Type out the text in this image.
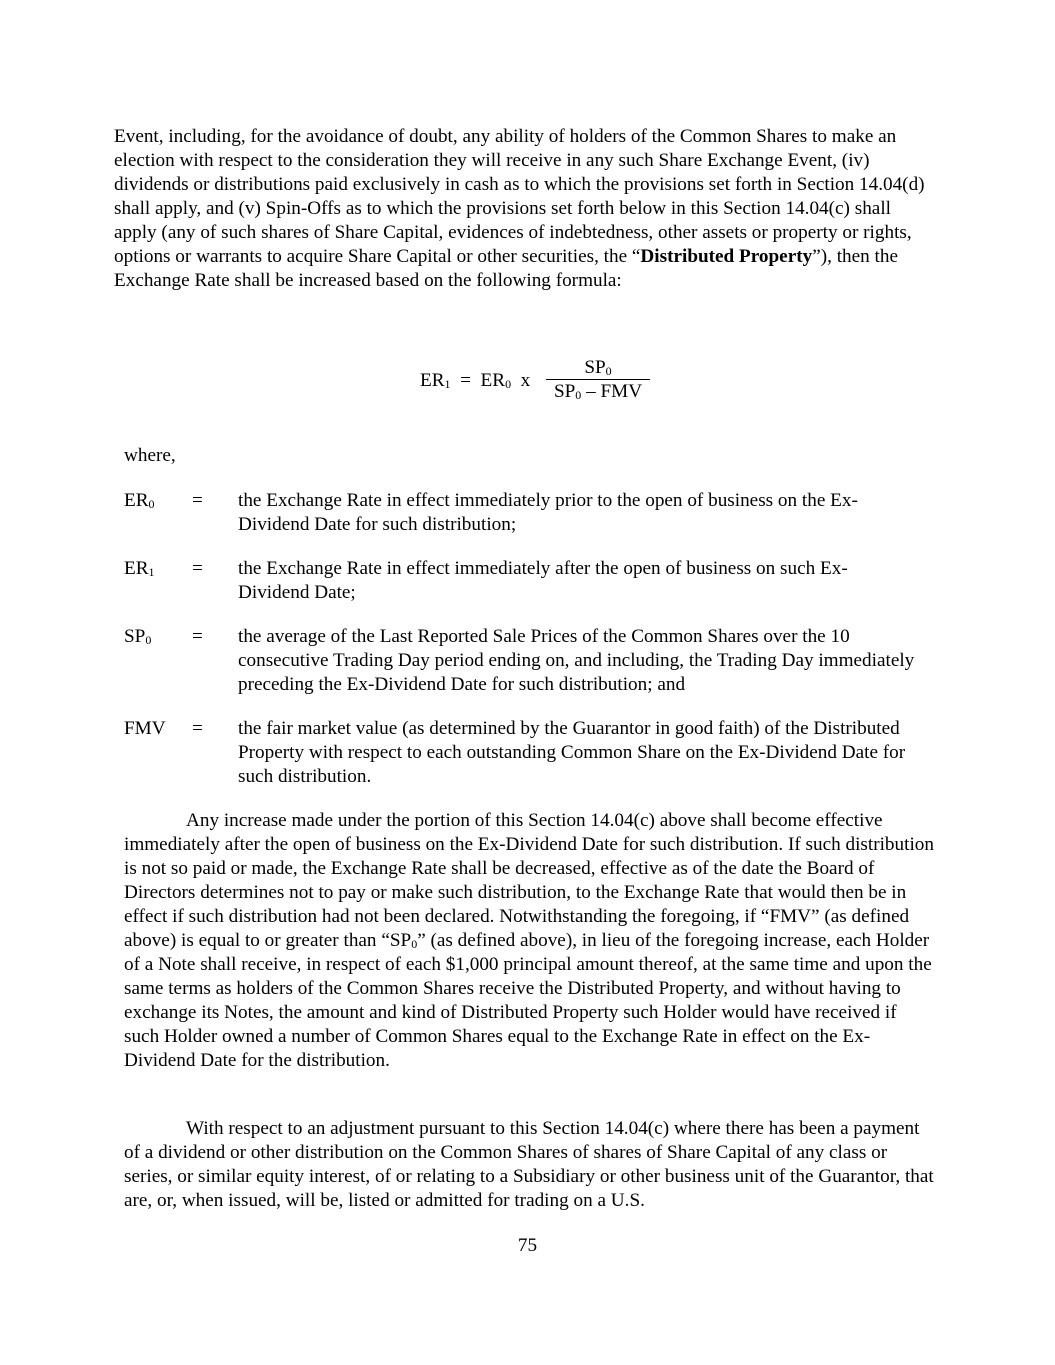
Event, including, for the avoidance of doubt, any ability of holders of the Common Shares to make an election with respect to the consideration they will receive in any such Share Exchange Event, (iv) dividends or distributions paid exclusively in cash as to which the provisions set forth in Section 14.04(d) shall apply, and (v) Spin-Offs as to which the provisions set forth below in this Section 14.04(c) shall apply (any of such shares of Share Capital, evidences of indebtedness, other assets or property or rights, options or warrants to acquire Share Capital or other securities, the “Distributed Property”), then the Exchange Rate shall be increased based on the following formula:

$ER_1 = ER_0$ x
$SP_0$
$SP_0$ – FMV
where,
$ER_0$ = the Exchange Rate in effect immediately prior to the open of business on the Ex-Dividend Date for such distribution;
$ER_1$ = the Exchange Rate in effect immediately after the open of business on such Ex-Dividend Date;
$SP_0$ = the average of the Last Reported Sale Prices of the Common Shares over the 10 consecutive Trading Day period ending on, and including, the Trading Day immediately preceding the Ex-Dividend Date for such distribution; and
FMV = the fair market value (as determined by the Guarantor in good faith) of the Distributed Property with respect to each outstanding Common Share on the Ex-Dividend Date for such distribution.

Any increase made under the portion of this Section 14.04(c) above shall become effective immediately after the open of business on the Ex-Dividend Date for such distribution. If such distribution is not so paid or made, the Exchange Rate shall be decreased, effective as of the date the Board of Directors determines not to pay or make such distribution, to the Exchange Rate that would then be in effect if such distribution had not been declared. Notwithstanding the foregoing, if “FMV” (as defined above) is equal to or greater than “$SP_0$” (as defined above), in lieu of the foregoing increase, each Holder of a Note shall receive, in respect of each $1,000 principal amount thereof, at the same time and upon the same terms as holders of the Common Shares receive the Distributed Property, and without having to exchange its Notes, the amount and kind of Distributed Property such Holder would have received if such Holder owned a number of Common Shares equal to the Exchange Rate in effect on the Ex-Dividend Date for the distribution.

With respect to an adjustment pursuant to this Section 14.04(c) where there has been a payment of a dividend or other distribution on the Common Shares of shares of Share Capital of any class or series, or similar equity interest, of or relating to a Subsidiary or other business unit of the Guarantor, that are, or, when issued, will be, listed or admitted for trading on a U.S.

75
